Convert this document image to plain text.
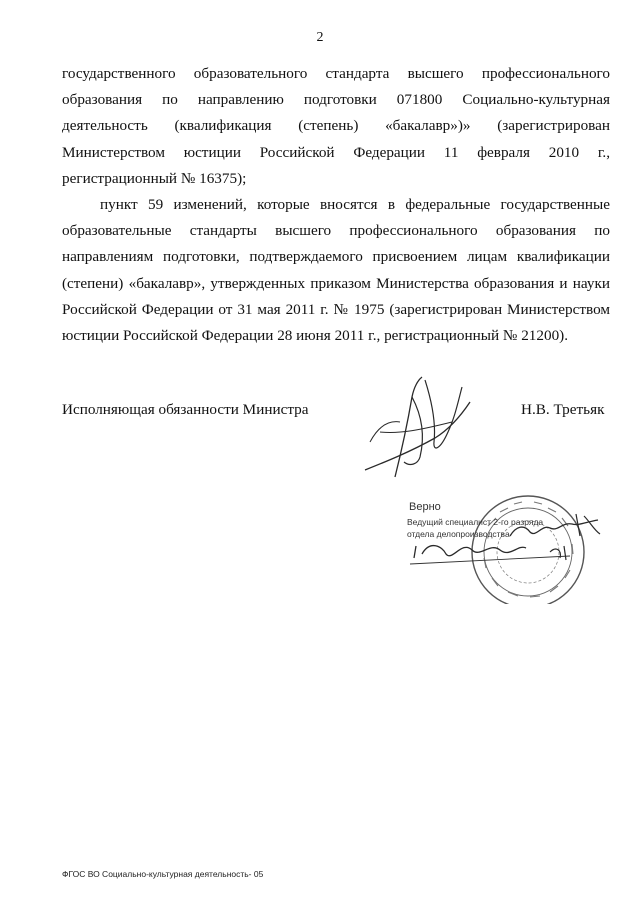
2
государственного образовательного стандарта высшего профессионального образования по направлению подготовки 071800 Социально-культурная деятельность (квалификация (степень) «бакалавр»)» (зарегистрирован Министерством юстиции Российской Федерации 11 февраля 2010 г., регистрационный № 16375);
пункт 59 изменений, которые вносятся в федеральные государственные образовательные стандарты высшего профессионального образования по направлениям подготовки, подтверждаемого присвоением лицам квалификации (степени) «бакалавр», утвержденных приказом Министерства образования и науки Российской Федерации от 31 мая 2011 г. № 1975 (зарегистрирован Министерством юстиции Российской Федерации 28 июня 2011 г., регистрационный № 21200).
Исполняющая обязанности Министра	Н.В. Третьяк
Верно
Ведущий специалист 2-го разряда
отдела делопроизводства
ФГОС ВО Социально-культурная деятельность- 05
